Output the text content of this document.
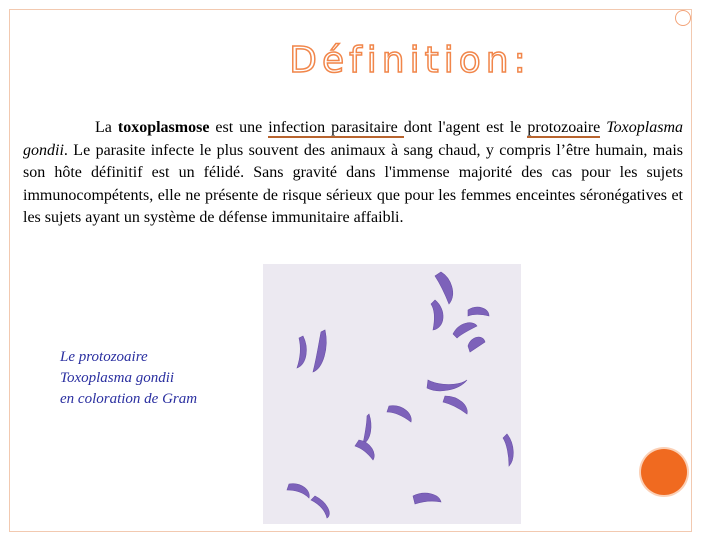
Définition:
La toxoplasmose est une infection parasitaire dont l'agent est le protozoaire Toxoplasma gondii. Le parasite infecte le plus souvent des animaux à sang chaud, y compris l’être humain, mais son hôte définitif est un félidé. Sans gravité dans l'immense majorité des cas pour les sujets immunocompétents, elle ne présente de risque sérieux que pour les femmes enceintes séronégatives et les sujets ayant un système de défense immunitaire affaibli.
Le protozoaire
Toxoplasma gondii
en coloration de Gram
